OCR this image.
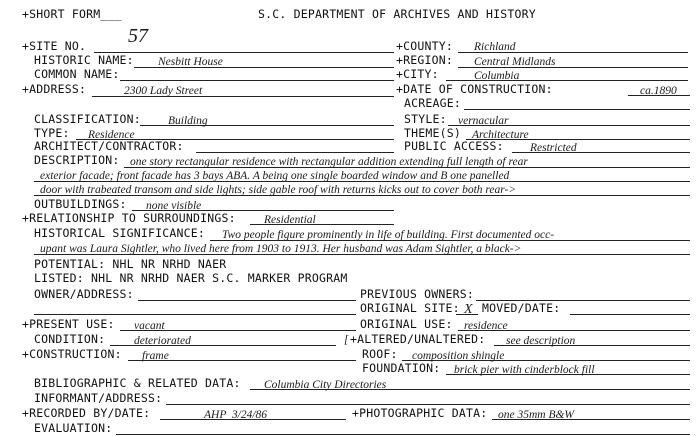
+SHORT FORM___	S.C. DEPARTMENT OF ARCHIVES AND HISTORY
+SITE NO. 57	+COUNTY: Richland
HISTORIC NAME: Nesbitt House	+REGION: Central Midlands
COMMON NAME:	+CITY:	Columbia
+ADDRESS:	2300 Lady Street	+DATE OF CONSTRUCTION:	ca.1890
ACREAGE:
CLASSIFICATION: Building	STYLE: vernacular
TYPE: Residence	THEME(S) Architecture
ARCHITECT/CONTRACTOR:	PUBLIC ACCESS: Restricted
DESCRIPTION: one story rectangular residence with rectangular addition extending full length of rear
exterior facade; front facade has 3 bays ABA. A being one single boarded window and B one panelled
door with trabeated transom and side lights; side gable roof with returns kicks out to cover both rear->
OUTBUILDINGS: none visible
+RELATIONSHIP TO SURROUNDINGS: Residential
HISTORICAL SIGNIFICANCE: Two people figure prominently in life of building. First documented occ-
upant was Laura Sightler, who lived here from 1903 to 1913. Her husband was Adam Sightler, a black->
POTENTIAL: NHL NR NRHD NAER
LISTED: NHL NR NRHD NAER S.C. MARKER PROGRAM
OWNER/ADDRESS:	PREVIOUS OWNERS:
ORIGINAL SITE: X MOVED/DATE:
+PRESENT USE: vacant	ORIGINAL USE: residence
CONDITION:	deteriorated	[ +ALTERED/UNALTERED: see description
+CONSTRUCTION: frame	ROOF: composition shingle
FOUNDATION: brick pier with cinderblock fill
BIBLIOGRAPHIC & RELATED DATA: Columbia City Directories
INFORMANT/ADDRESS:
+RECORDED BY/DATE:	AHP  3/24/86	+PHOTOGRAPHIC DATA: one 35mm B&W
EVALUATION:
